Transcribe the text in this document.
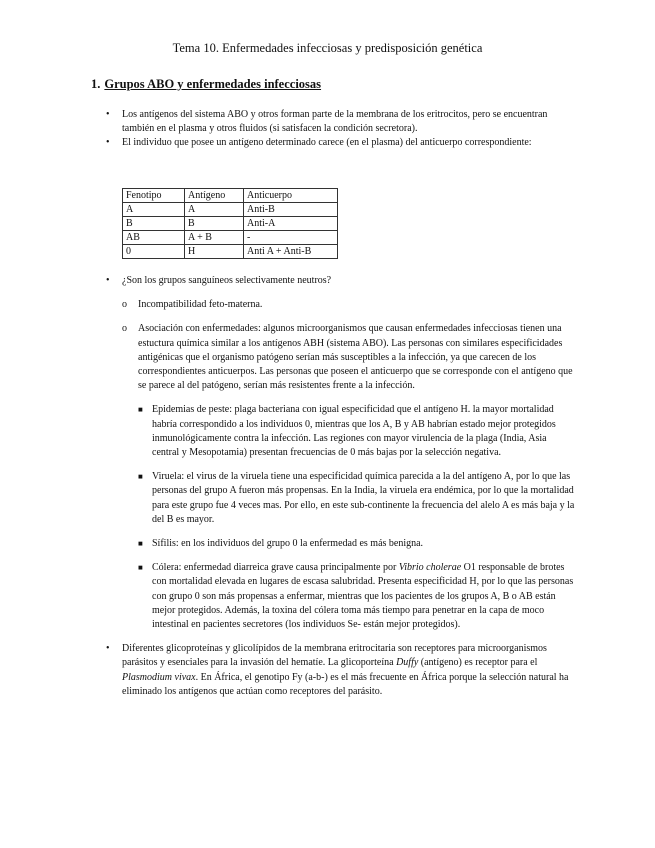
Tema 10. Enfermedades infecciosas y predisposición genética
1. Grupos ABO y enfermedades infecciosas

• Los antígenos del sistema ABO y otros forman parte de la membrana de los eritrocitos, pero se encuentran también en el plasma y otros fluidos (si satisfacen la condición secretora).

• El individuo que posee un antígeno determinado carece (en el plasma) del anticuerpo correspondiente:

Fenotipo	Antígeno	Anticuerpo
A	A	Anti-B
B	B	Anti-A
AB	A + B	-
0	H	Anti A + Anti-B

• ¿Son los grupos sanguíneos selectivamente neutros?

o Incompatibilidad feto-materna.

o Asociación con enfermedades: algunos microorganismos que causan enfermedades infecciosas tienen una estuctura química similar a los antígenos ABH (sistema ABO). Las personas con similares especificidades antigénicas que el organismo patógeno serían más susceptibles a la infección, ya que carecen de los correspondientes anticuerpos. Las personas que poseen el anticuerpo que se corresponde con el antígeno que se parece al del patógeno, serían más resistentes frente a la infección.

■ Epidemias de peste: plaga bacteriana con igual especificidad que el antígeno H. la mayor mortalidad habría correspondido a los individuos 0, mientras que los A, B y AB habrían estado mejor protegidos inmunológicamente contra la infección. Las regiones con mayor virulencia de la plaga (India, Asia central y Mesopotamia) presentan frecuencias de 0 más bajas por la selección negativa.

■ Viruela: el virus de la viruela tiene una especificidad química parecida a la del antígeno A, por lo que las personas del grupo A fueron más propensas. En la India, la viruela era endémica, por lo que la mortalidad para este grupo fue 4 veces mas. Por ello, en este sub-continente la frecuencia del alelo A es más baja y la del B es mayor.

■ Sífilis: en los individuos del grupo 0 la enfermedad es más benigna.

■ Cólera: enfermedad diarreica grave causa principalmente por Vibrio cholerae O1 responsable de brotes con mortalidad elevada en lugares de escasa salubridad. Presenta especificidad H, por lo que las personas con grupo 0 son más propensas a enfermar, mientras que los pacientes de los grupos A, B o AB están mejor protegidos. Además, la toxina del cólera toma más tiempo para penetrar en la capa de moco intestinal en pacientes secretores (los individuos Se- están mejor protegidos).

• Diferentes glicoproteínas y glicolípidos de la membrana eritrocitaria son receptores para microorganismos parásitos y esenciales para la invasión del hematíe. La glicoporteína Duffy (antígeno) es receptor para el Plasmodium vivax. En África, el genotipo Fy (a-b-) es el más frecuente en África porque la selección natural ha eliminado los antígenos que actúan como receptores del parásito.
